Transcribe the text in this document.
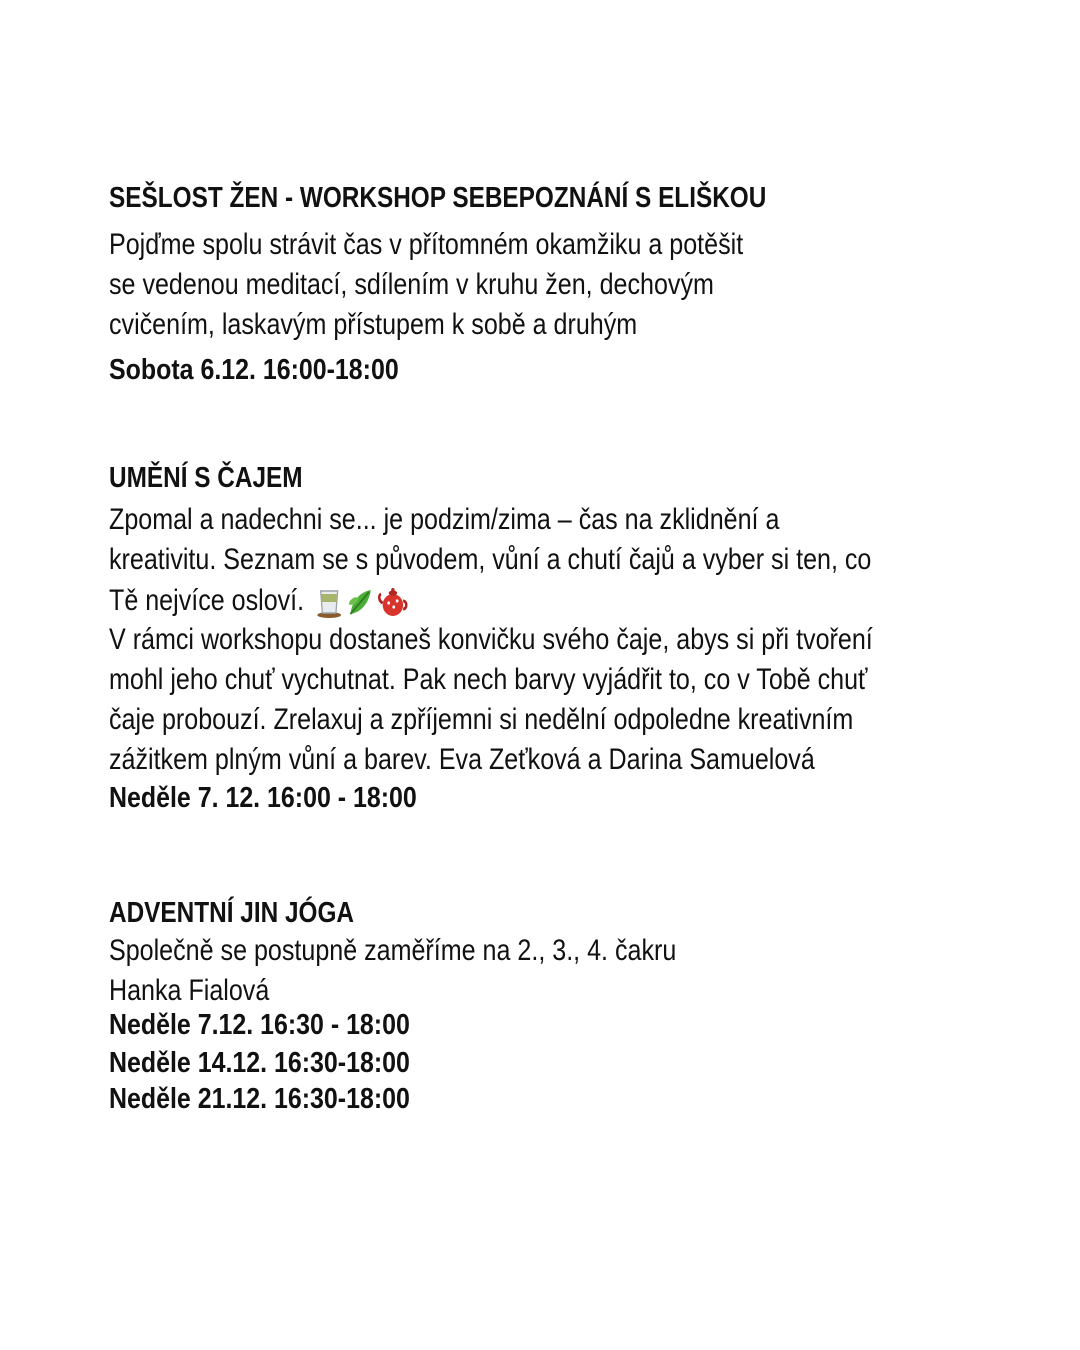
SEŠLOST ŽEN - WORKSHOP SEBEPOZNÁNÍ S ELIŠKOU

Pojďme spolu strávit čas v přítomném okamžiku a potěšit

se vedenou meditací, sdílením v kruhu žen, dechovým

cvičením, laskavým přístupem k sobě a druhým

Sobota 6.12. 16:00-18:00

UMĚNÍ S ČAJEM

Zpomal a nadechni se... je podzim/zima – čas na zklidnění a

kreativitu. Seznam se s původem, vůní a chutí čajů a vyber si ten, co

Tě nejvíce osloví.

V rámci workshopu dostaneš konvičku svého čaje, abys si při tvoření

mohl jeho chuť vychutnat. Pak nech barvy vyjádřit to, co v Tobě chuť

čaje probouzí. Zrelaxuj a zpříjemni si nedělní odpoledne kreativním

zážitkem plným vůní a barev. Eva Zeťková a Darina Samuelová

Neděle 7. 12. 16:00 - 18:00

ADVENTNÍ JIN JÓGA

Společně se postupně zaměříme na 2., 3., 4. čakru

Hanka Fialová

Neděle 7.12. 16:30 - 18:00

Neděle 14.12. 16:30-18:00

Neděle 21.12. 16:30-18:00
